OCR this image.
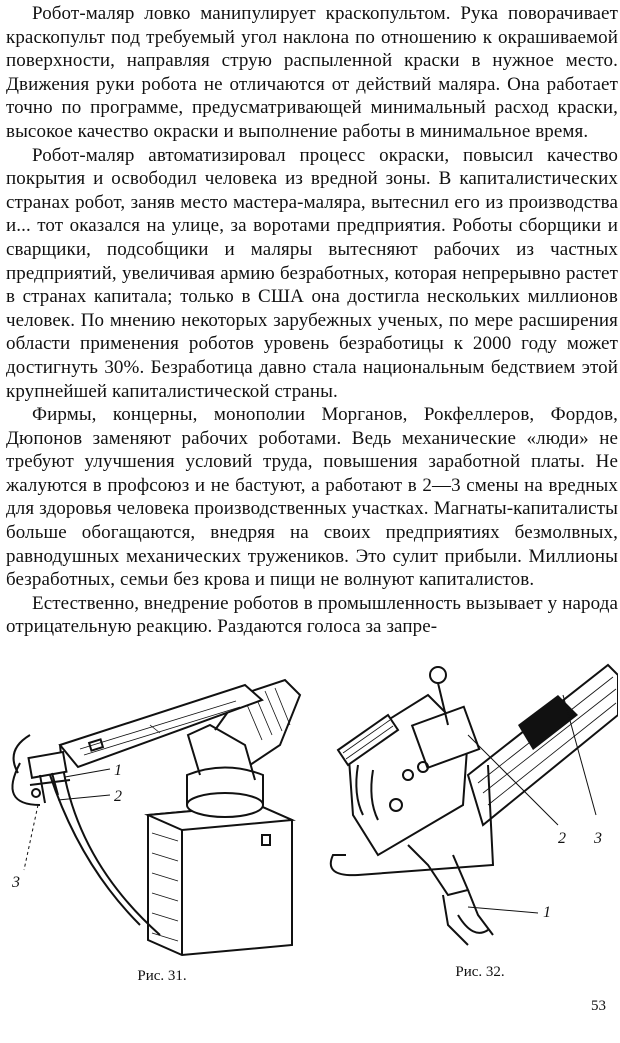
Робот-маляр ловко манипулирует краскопультом. Рука поворачивает краскопульт под требуемый угол наклона по отношению к окрашиваемой поверхности, направляя струю распыленной краски в нужное место. Движения руки робота не отличаются от действий маляра. Она работает точно по программе, предусматривающей минимальный расход краски, высокое качество окраски и выполнение работы в минимальное время.

Робот-маляр автоматизировал процесс окраски, повысил качество покрытия и освободил человека из вредной зоны. В капиталистических странах робот, заняв место мастера-маляра, вытеснил его из производства и... тот оказался на улице, за воротами предприятия. Роботы сборщики и сварщики, подсобщики и маляры вытесняют рабочих из частных предприятий, увеличивая армию безработных, которая непрерывно растет в странах капитала; только в США она достигла нескольких миллионов человек. По мнению некоторых зарубежных ученых, по мере расширения области применения роботов уровень безработицы к 2000 году может достигнуть 30%. Безработица давно стала национальным бедствием этой крупнейшей капиталистической страны.

Фирмы, концерны, монополии Морганов, Рокфеллеров, Фордов, Дюпонов заменяют рабочих роботами. Ведь механические «люди» не требуют улучшения условий труда, повышения заработной платы. Не жалуются в профсоюз и не бастуют, а работают в 2—3 смены на вредных для здоровья человека производственных участках. Магнаты-капиталисты больше обогащаются, внедряя на своих предприятиях безмолвных, равнодушных механических тружеников. Это сулит прибыли. Миллионы безработных, семьи без крова и пищи не волнуют капиталистов.

Естественно, внедрение роботов в промышленность вызывает у народа отрицательную реакцию. Раздаются голоса за запре-

1
2
3
Рис. 31.
2 3
1
Рис. 32.
53
